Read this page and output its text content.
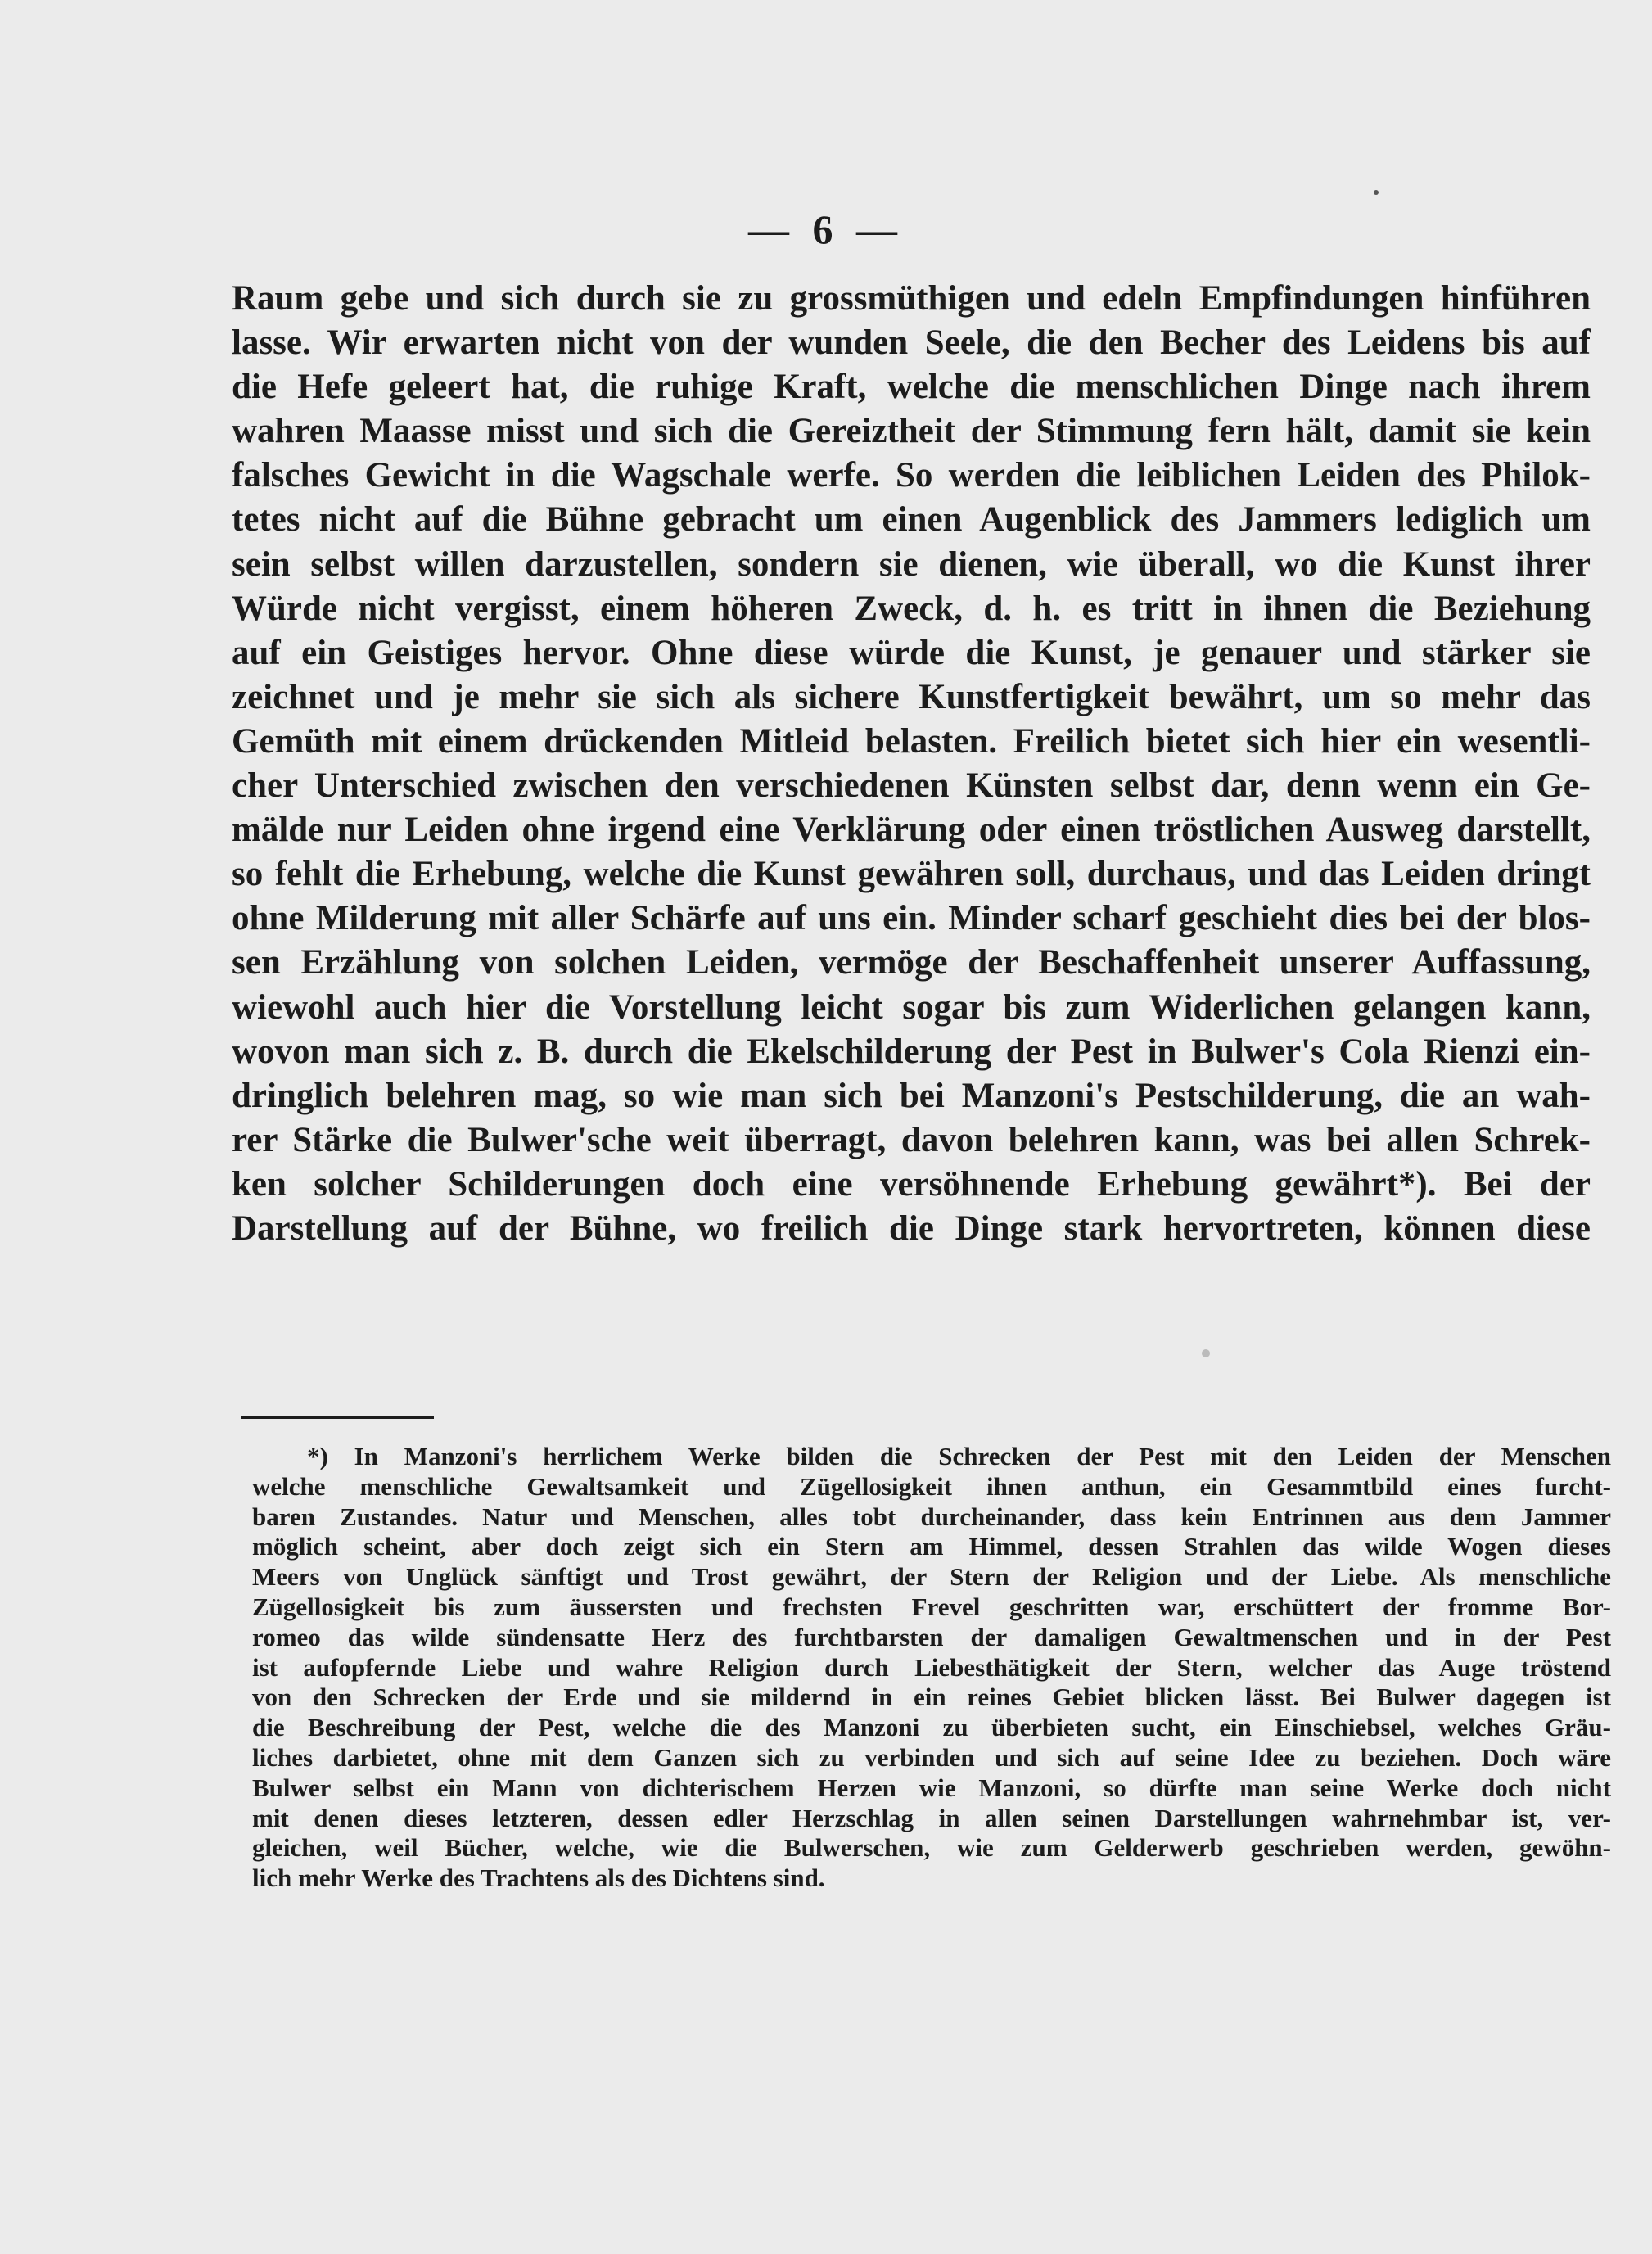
— 6 —
Raum gebe und sich durch sie zu grossmüthigen und edeln Empfindungen hinführen
lasse. Wir erwarten nicht von der wunden Seele, die den Becher des Leidens bis auf
die Hefe geleert hat, die ruhige Kraft, welche die menschlichen Dinge nach ihrem
wahren Maasse misst und sich die Gereiztheit der Stimmung fern hält, damit sie kein
falsches Gewicht in die Wagschale werfe. So werden die leiblichen Leiden des Philok-
tetes nicht auf die Bühne gebracht um einen Augenblick des Jammers lediglich um
sein selbst willen darzustellen, sondern sie dienen, wie überall, wo die Kunst ihrer
Würde nicht vergisst, einem höheren Zweck, d. h. es tritt in ihnen die Beziehung
auf ein Geistiges hervor. Ohne diese würde die Kunst, je genauer und stärker sie
zeichnet und je mehr sie sich als sichere Kunstfertigkeit bewährt, um so mehr das
Gemüth mit einem drückenden Mitleid belasten. Freilich bietet sich hier ein wesentli-
cher Unterschied zwischen den verschiedenen Künsten selbst dar, denn wenn ein Ge-
mälde nur Leiden ohne irgend eine Verklärung oder einen tröstlichen Ausweg darstellt,
so fehlt die Erhebung, welche die Kunst gewähren soll, durchaus, und das Leiden dringt
ohne Milderung mit aller Schärfe auf uns ein. Minder scharf geschieht dies bei der blos-
sen Erzählung von solchen Leiden, vermöge der Beschaffenheit unserer Auffassung,
wiewohl auch hier die Vorstellung leicht sogar bis zum Widerlichen gelangen kann,
wovon man sich z. B. durch die Ekelschilderung der Pest in Bulwer's Cola Rienzi ein-
dringlich belehren mag, so wie man sich bei Manzoni's Pestschilderung, die an wah-
rer Stärke die Bulwer'sche weit überragt, davon belehren kann, was bei allen Schrek-
ken solcher Schilderungen doch eine versöhnende Erhebung gewährt*). Bei der
Darstellung auf der Bühne, wo freilich die Dinge stark hervortreten, können diese
*) In Manzoni's herrlichem Werke bilden die Schrecken der Pest mit den Leiden der Menschen
welche menschliche Gewaltsamkeit und Zügellosigkeit ihnen anthun, ein Gesammtbild eines furcht-
baren Zustandes. Natur und Menschen, alles tobt durcheinander, dass kein Entrinnen aus dem Jammer
möglich scheint, aber doch zeigt sich ein Stern am Himmel, dessen Strahlen das wilde Wogen dieses
Meers von Unglück sänftigt und Trost gewährt, der Stern der Religion und der Liebe. Als menschliche
Zügellosigkeit bis zum äussersten und frechsten Frevel geschritten war, erschüttert der fromme Bor-
romeo das wilde sündensatte Herz des furchtbarsten der damaligen Gewaltmenschen und in der Pest
ist aufopfernde Liebe und wahre Religion durch Liebesthätigkeit der Stern, welcher das Auge tröstend
von den Schrecken der Erde und sie mildernd in ein reines Gebiet blicken lässt. Bei Bulwer dagegen ist
die Beschreibung der Pest, welche die des Manzoni zu überbieten sucht, ein Einschiebsel, welches Gräu-
liches darbietet, ohne mit dem Ganzen sich zu verbinden und sich auf seine Idee zu beziehen. Doch wäre
Bulwer selbst ein Mann von dichterischem Herzen wie Manzoni, so dürfte man seine Werke doch nicht
mit denen dieses letzteren, dessen edler Herzschlag in allen seinen Darstellungen wahrnehmbar ist, ver-
gleichen, weil Bücher, welche, wie die Bulwerschen, wie zum Gelderwerb geschrieben werden, gewöhn-
lich mehr Werke des Trachtens als des Dichtens sind.
